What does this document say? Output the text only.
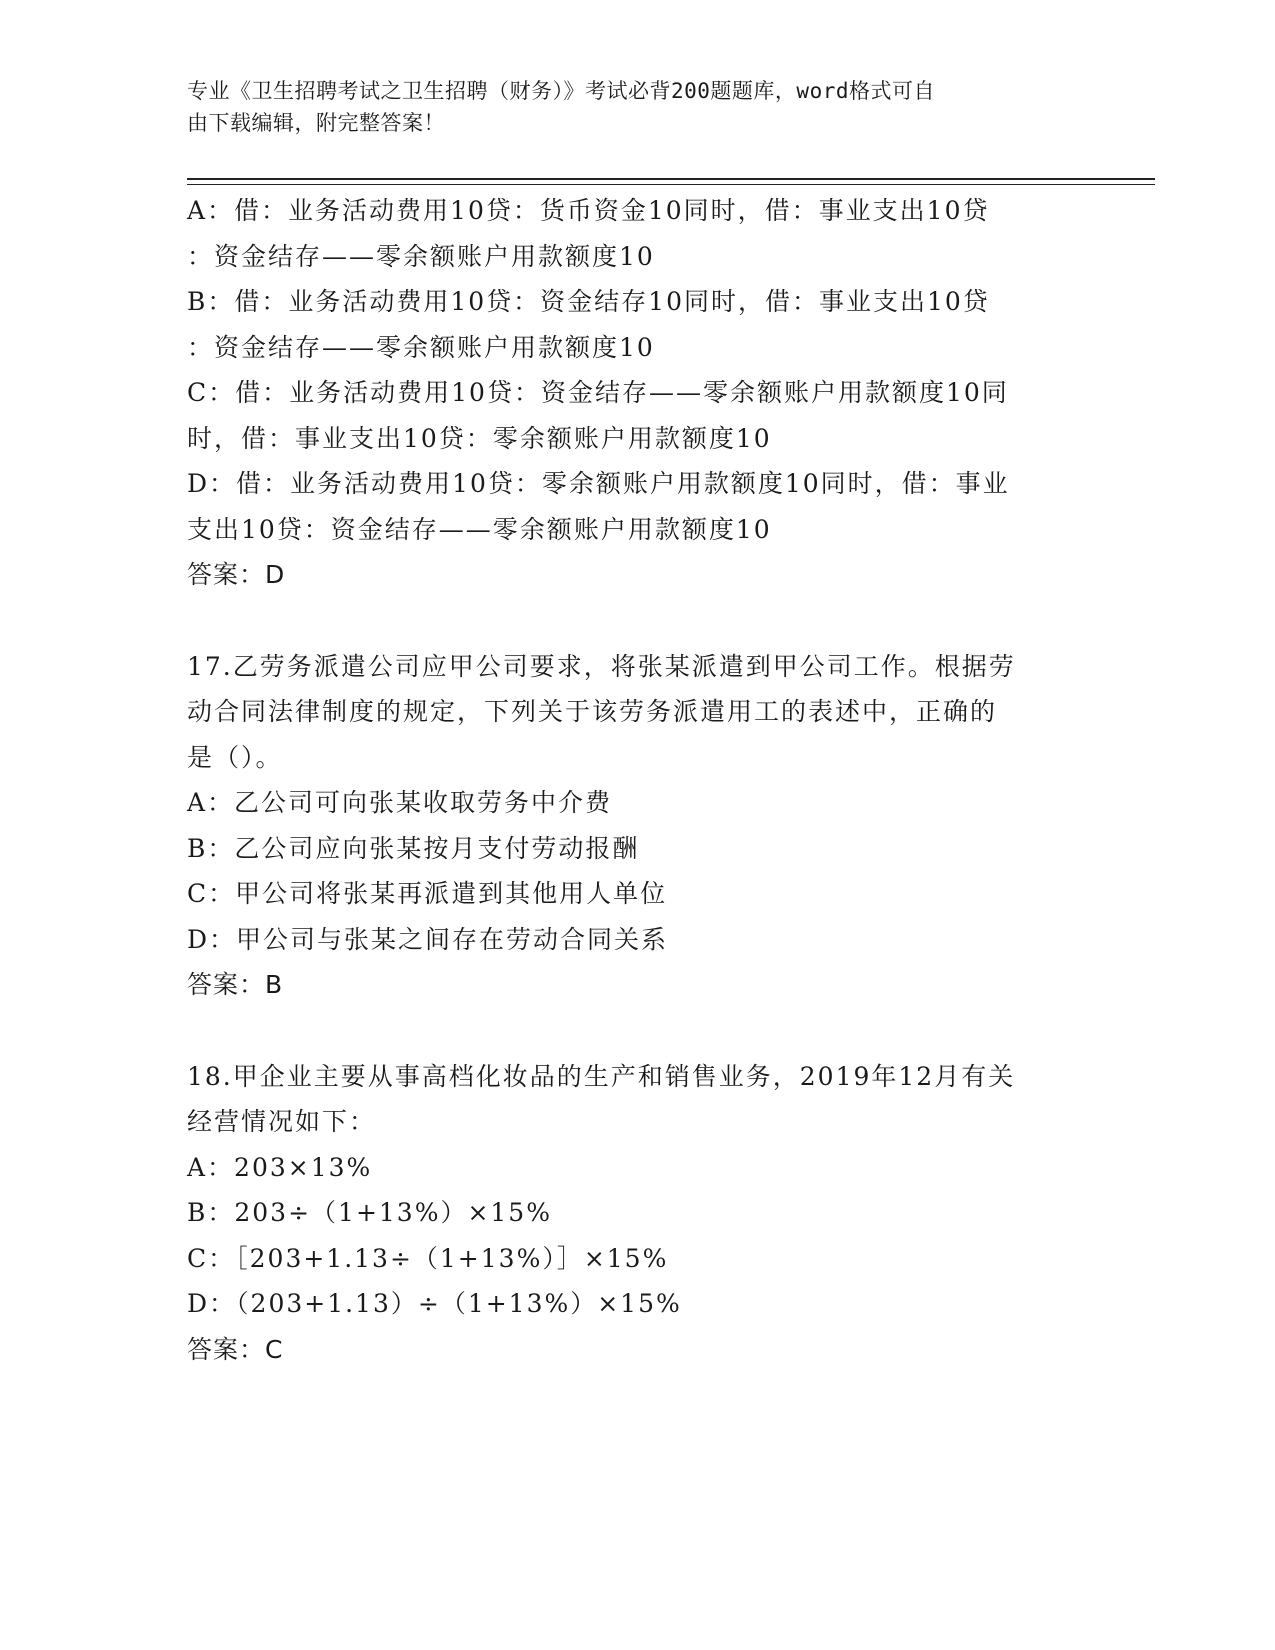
专业《卫生招聘考试之卫生招聘（财务）》考试必背200题题库，word格式可自
由下载编辑，附完整答案！
A：借：业务活动费用10贷：货币资金10同时，借：事业支出10贷
：资金结存——零余额账户用款额度10
B：借：业务活动费用10贷：资金结存10同时，借：事业支出10贷
：资金结存——零余额账户用款额度10
C：借：业务活动费用10贷：资金结存——零余额账户用款额度10同
时，借：事业支出10贷：零余额账户用款额度10
D：借：业务活动费用10贷：零余额账户用款额度10同时，借：事业
支出10贷：资金结存——零余额账户用款额度10
答案：D
17.乙劳务派遣公司应甲公司要求，将张某派遣到甲公司工作。根据劳
动合同法律制度的规定，下列关于该劳务派遣用工的表述中，正确的
是（）。
A：乙公司可向张某收取劳务中介费
B：乙公司应向张某按月支付劳动报酬
C：甲公司将张某再派遣到其他用人单位
D：甲公司与张某之间存在劳动合同关系
答案：B
18.甲企业主要从事高档化妆品的生产和销售业务，2019年12月有关
经营情况如下：
A：203×13%
B：203÷（1+13%）×15%
C：［203+1.13÷（1+13%）］×15%
D：（203+1.13）÷（1+13%）×15%
答案：C
